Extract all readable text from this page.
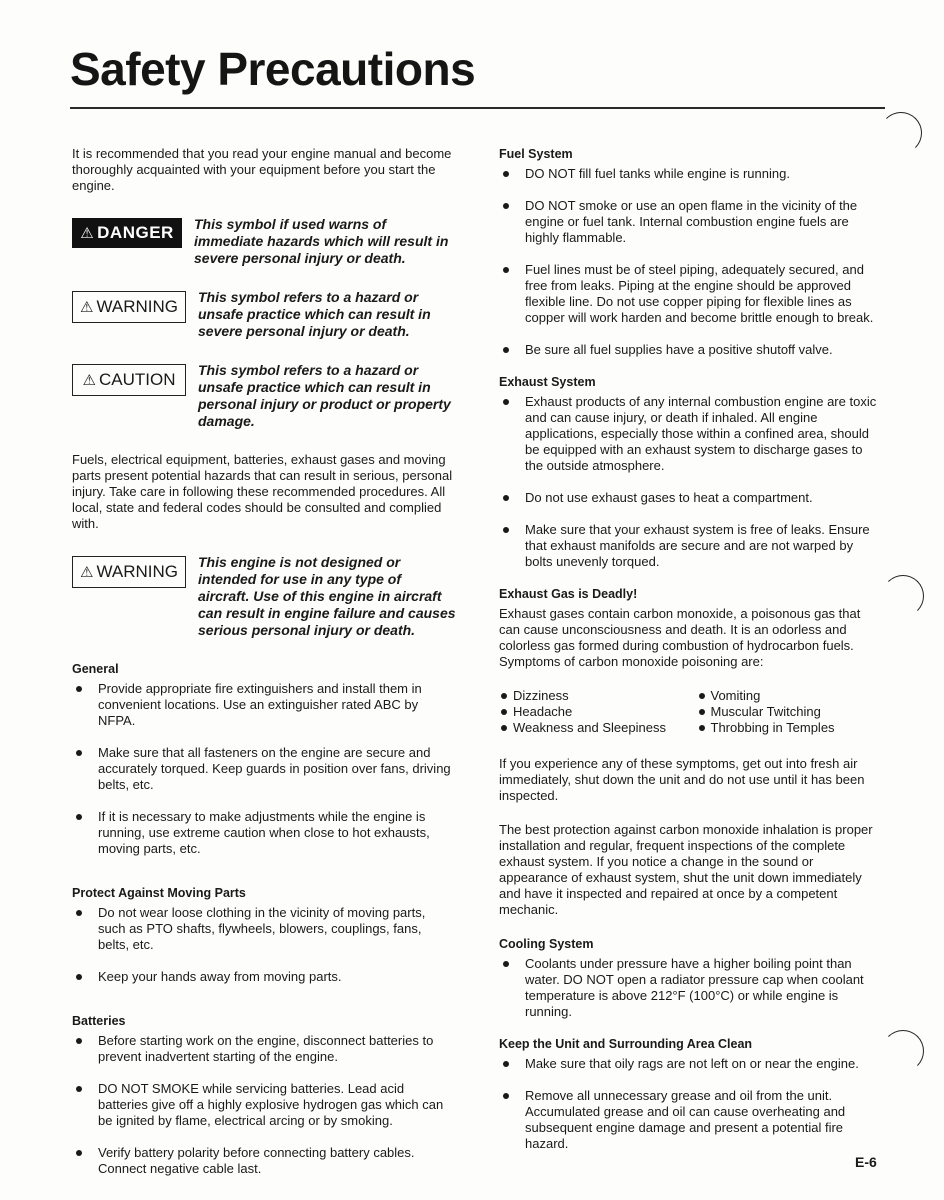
Safety Precautions

It is recommended that you read your engine manual and become thoroughly acquainted with your equipment before you start the engine.

⚠ DANGER This symbol if used warns of immediate hazards which will result in severe personal injury or death.
⚠ WARNING This symbol refers to a hazard or unsafe practice which can result in severe personal injury or death.
⚠ CAUTION This symbol refers to a hazard or unsafe practice which can result in personal injury or product or property damage.

Fuels, electrical equipment, batteries, exhaust gases and moving parts present potential hazards that can result in serious, personal injury. Take care in following these recommended procedures. All local, state and federal codes should be consulted and complied with.

⚠ WARNING This engine is not designed or intended for use in any type of aircraft. Use of this engine in aircraft can result in engine failure and causes serious personal injury or death.
General
Provide appropriate fire extinguishers and install them in convenient locations. Use an extinguisher rated ABC by NFPA.
Make sure that all fasteners on the engine are secure and accurately torqued. Keep guards in position over fans, driving belts, etc.
If it is necessary to make adjustments while the engine is running, use extreme caution when close to hot exhausts, moving parts, etc.
Protect Against Moving Parts
Do not wear loose clothing in the vicinity of moving parts, such as PTO shafts, flywheels, blowers, couplings, fans, belts, etc.
Keep your hands away from moving parts.
Batteries
Before starting work on the engine, disconnect batteries to prevent inadvertent starting of the engine.
DO NOT SMOKE while servicing batteries. Lead acid batteries give off a highly explosive hydrogen gas which can be ignited by flame, electrical arcing or by smoking.
Verify battery polarity before connecting battery cables. Connect negative cable last.
Fuel System
DO NOT fill fuel tanks while engine is running.
DO NOT smoke or use an open flame in the vicinity of the engine or fuel tank. Internal combustion engine fuels are highly flammable.
Fuel lines must be of steel piping, adequately secured, and free from leaks. Piping at the engine should be approved flexible line. Do not use copper piping for flexible lines as copper will work harden and become brittle enough to break.
Be sure all fuel supplies have a positive shutoff valve.
Exhaust System
Exhaust products of any internal combustion engine are toxic and can cause injury, or death if inhaled. All engine applications, especially those within a confined area, should be equipped with an exhaust system to discharge gases to the outside atmosphere.
Do not use exhaust gases to heat a compartment.
Make sure that your exhaust system is free of leaks. Ensure that exhaust manifolds are secure and are not warped by bolts unevenly torqued.
Exhaust Gas is Deadly!

Exhaust gases contain carbon monoxide, a poisonous gas that can cause unconsciousness and death. It is an odorless and colorless gas formed during combustion of hydrocarbon fuels. Symptoms of carbon monoxide poisoning are:

Dizziness	Vomiting
Headache	Muscular Twitching
Weakness and Sleepiness	Throbbing in Temples

If you experience any of these symptoms, get out into fresh air immediately, shut down the unit and do not use until it has been inspected.

The best protection against carbon monoxide inhalation is proper installation and regular, frequent inspections of the complete exhaust system. If you notice a change in the sound or appearance of exhaust system, shut the unit down immediately and have it inspected and repaired at once by a competent mechanic.

Cooling System
Coolants under pressure have a higher boiling point than water. DO NOT open a radiator pressure cap when coolant temperature is above 212°F (100°C) or while engine is running.
Keep the Unit and Surrounding Area Clean
Make sure that oily rags are not left on or near the engine.
Remove all unnecessary grease and oil from the unit. Accumulated grease and oil can cause overheating and subsequent engine damage and present a potential fire hazard.
E-6
